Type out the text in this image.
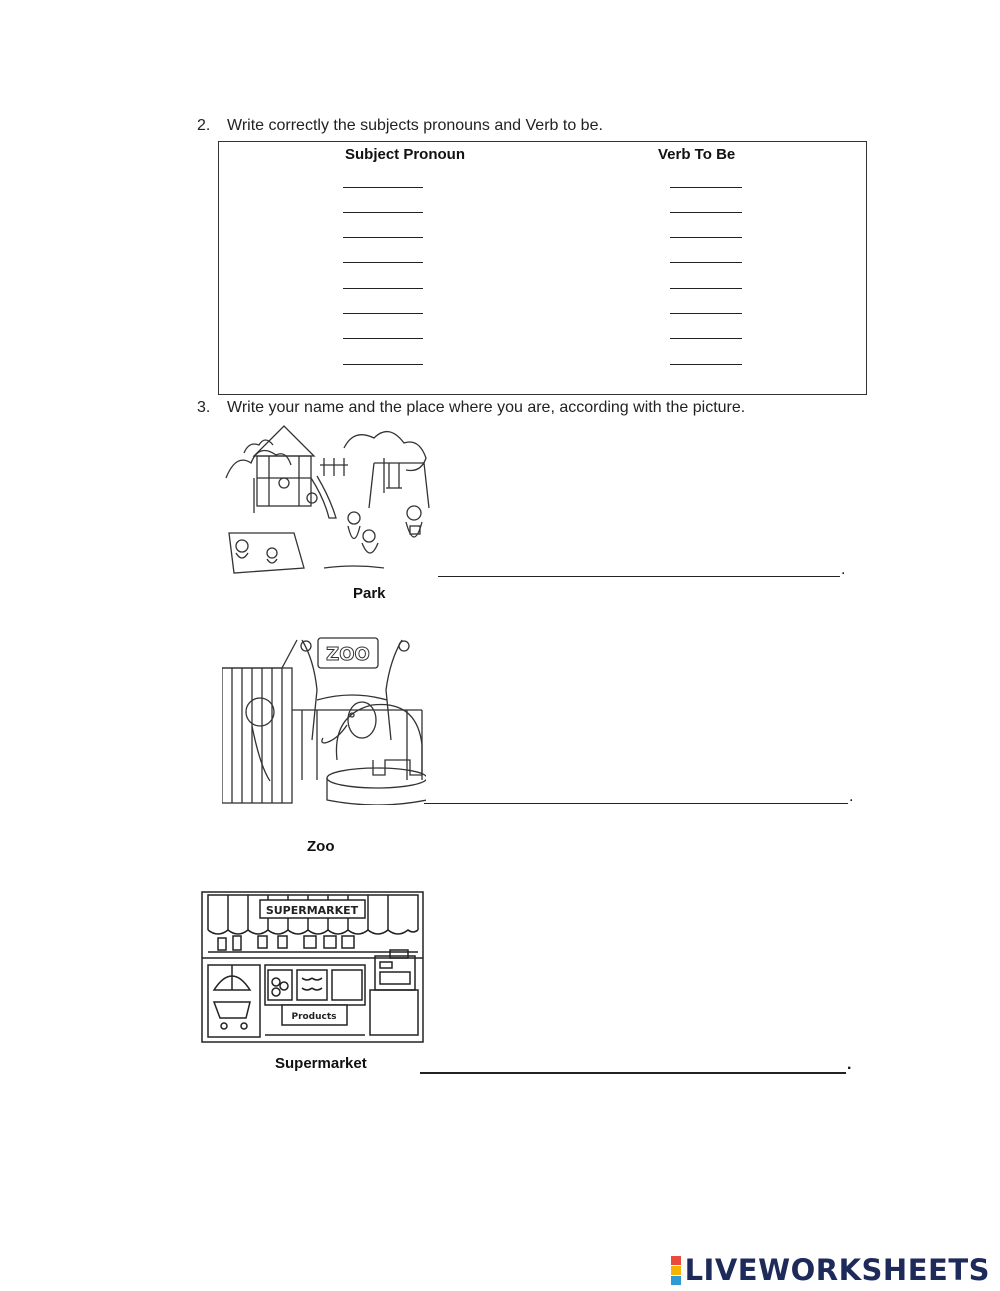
2. Write correctly the subjects pronouns and Verb to be.
Subject Pronoun	Verb To Be
3. Write your name and the place where you are, according with the picture.
.
Park
ZOO
.
Zoo
SUPERMARKET
Products
Supermarket	.
LIVEWORKSHEETS
